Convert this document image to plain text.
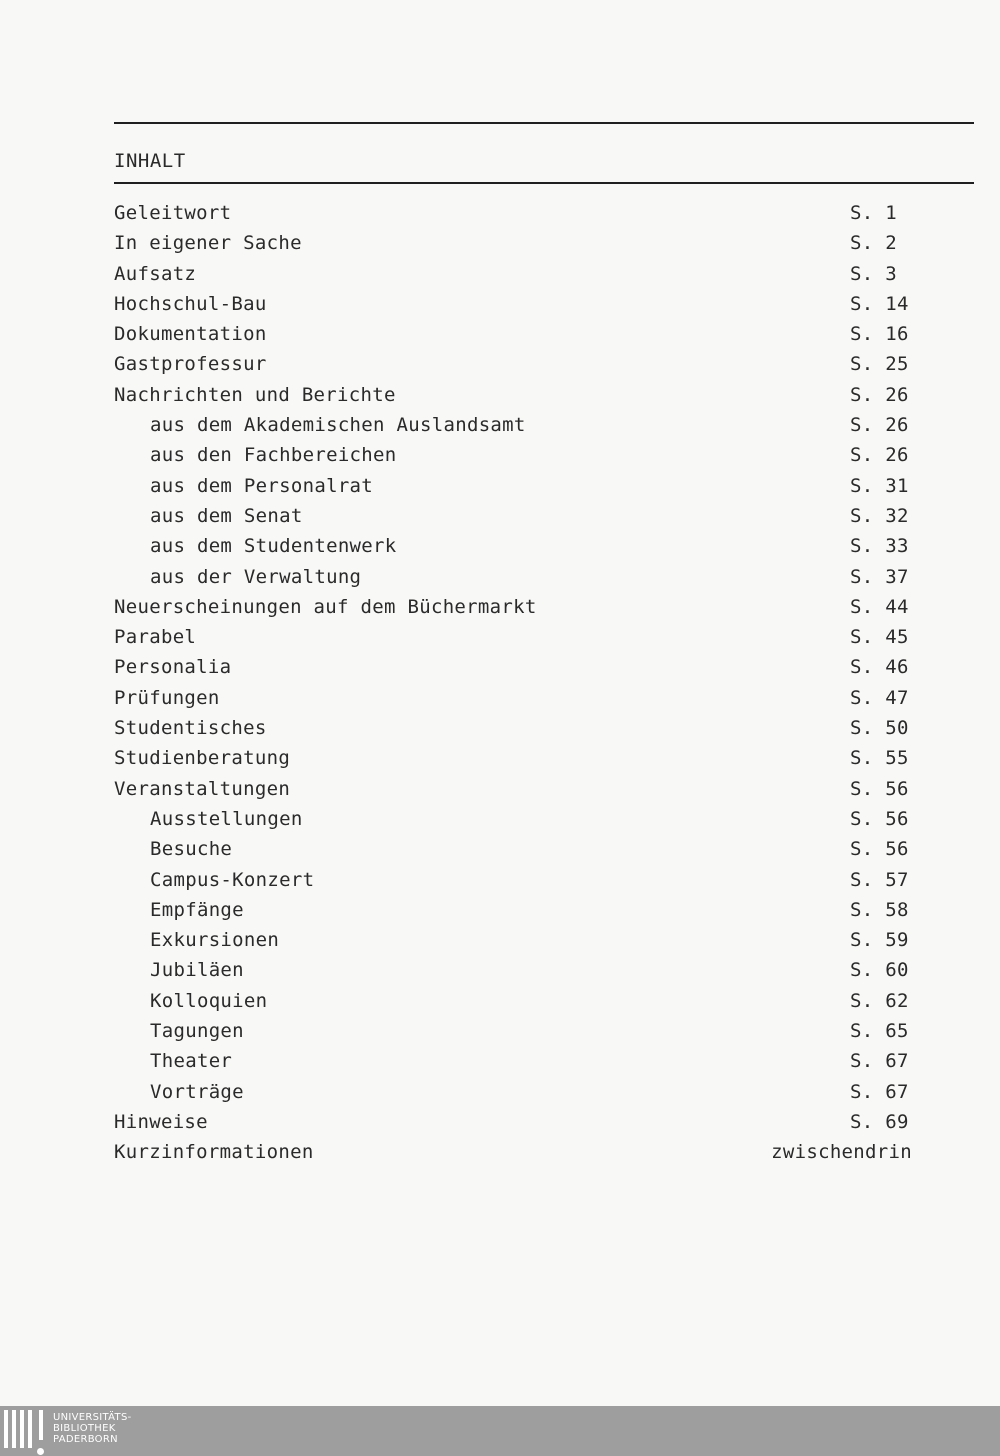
INHALT
Geleitwort	S. 1
In eigener Sache	S. 2
Aufsatz	S. 3
Hochschul-Bau	S. 14
Dokumentation	S. 16
Gastprofessur	S. 25
Nachrichten und Berichte	S. 26
aus dem Akademischen Auslandsamt	S. 26
aus den Fachbereichen	S. 26
aus dem Personalrat	S. 31
aus dem Senat	S. 32
aus dem Studentenwerk	S. 33
aus der Verwaltung	S. 37
Neuerscheinungen auf dem Büchermarkt	S. 44
Parabel	S. 45
Personalia	S. 46
Prüfungen	S. 47
Studentisches	S. 50
Studienberatung	S. 55
Veranstaltungen	S. 56
Ausstellungen	S. 56
Besuche	S. 56
Campus-Konzert	S. 57
Empfänge	S. 58
Exkursionen	S. 59
Jubiläen	S. 60
Kolloquien	S. 62
Tagungen	S. 65
Theater	S. 67
Vorträge	S. 67
Hinweise	S. 69
Kurzinformationen	zwischendrin
UNIVERSITÄTS-
BIBLIOTHEK
PADERBORN
